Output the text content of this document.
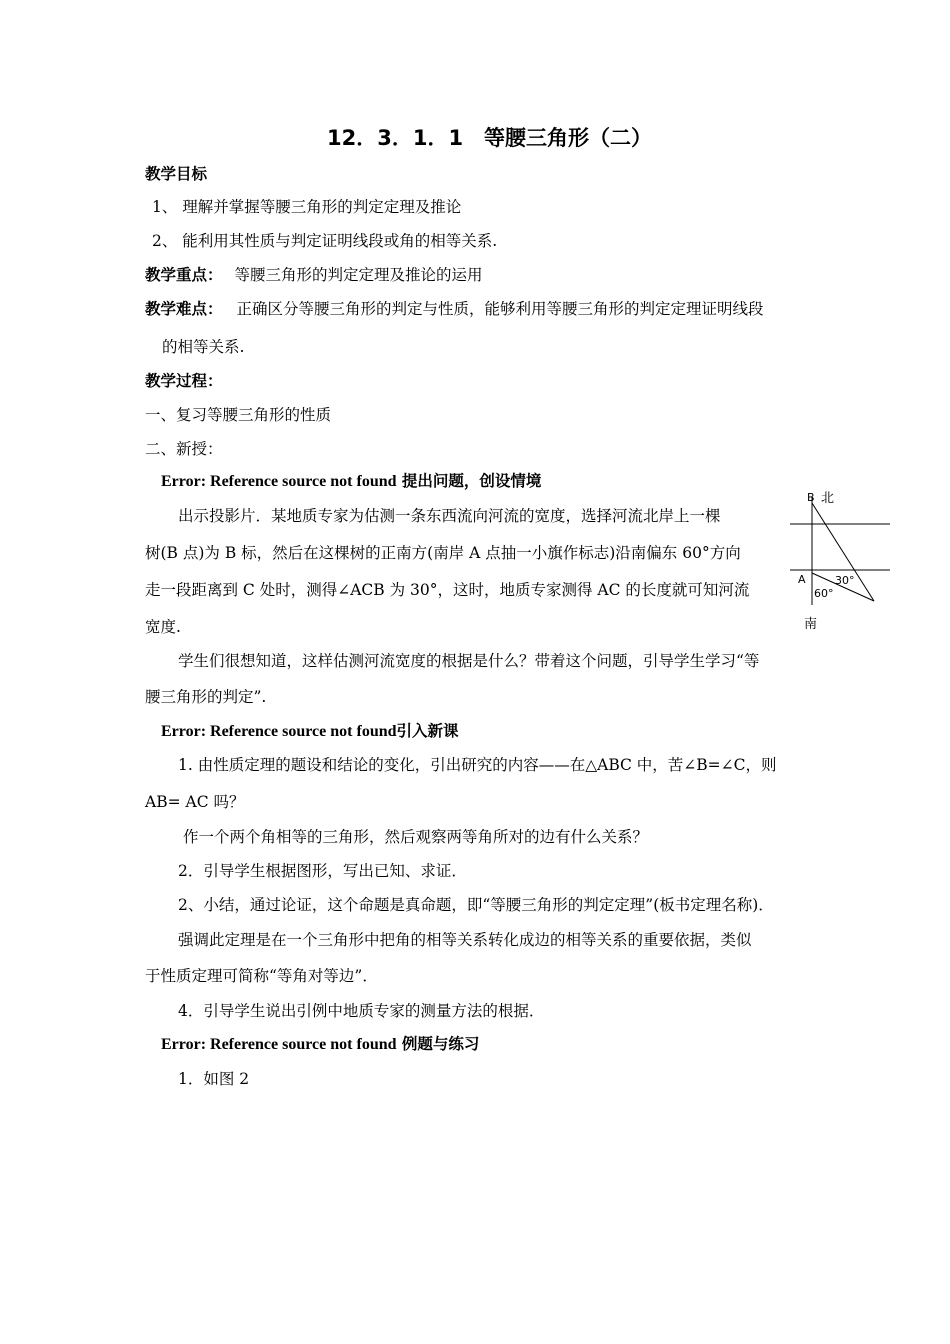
12．3．1．1　等腰三角形（二）
教学目标
1、 理解并掌握等腰三角形的判定定理及推论
2、 能利用其性质与判定证明线段或角的相等关系.
教学重点： 等腰三角形的判定定理及推论的运用
教学难点： 正确区分等腰三角形的判定与性质，能够利用等腰三角形的判定定理证明线段
的相等关系.
教学过程：
一、复习等腰三角形的性质
二、新授：
Error: Reference source not found 提出问题，创设情境
出示投影片．某地质专家为估测一条东西流向河流的宽度，选择河流北岸上一棵
树(B 点)为 B 标，然后在这棵树的正南方(南岸 A 点抽一小旗作标志)沿南偏东 60°方向
走一段距离到 C 处时，测得∠ACB 为 30°，这时，地质专家测得 AC 的长度就可知河流
宽度.
学生们很想知道，这样估测河流宽度的根据是什么？带着这个问题，引导学生学习“等
腰三角形的判定”.
B 北
A	30°
60°
南
Error: Reference source not found引入新课
1. 由性质定理的题设和结论的变化，引出研究的内容——在△ABC 中，苦∠B=∠C，则
AB= AC 吗？
作一个两个角相等的三角形，然后观察两等角所对的边有什么关系？
2．引导学生根据图形，写出已知、求证．
2、小结，通过论证，这个命题是真命题，即“等腰三角形的判定定理”(板书定理名称)．
强调此定理是在一个三角形中把角的相等关系转化成边的相等关系的重要依据，类似
于性质定理可简称“等角对等边”．
4．引导学生说出引例中地质专家的测量方法的根据．
Error: Reference source not found 例题与练习
1．如图 2
